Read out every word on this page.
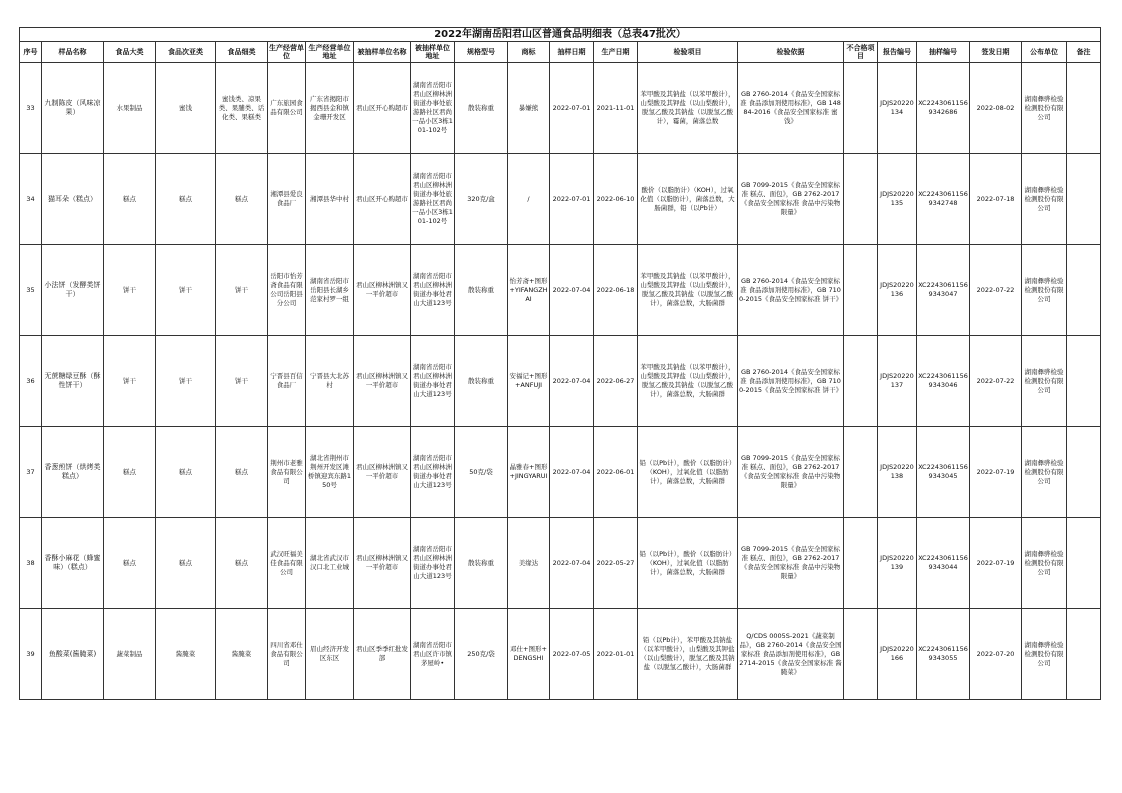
2022年湖南岳阳君山区普通食品明细表（总表47批次）																				
序号	样品名称	食品大类	食品次亚类	食品细类	生产经营单位	生产经营单位地址	被抽样单位名称	被抽样单位地址	规格型号	商标	抽样日期	生产日期	检验项目	检验依据	不合格项目	报告编号	抽样编号	签发日期	公布单位	备注
33	九制陈皮（风味凉果）	水果制品	蜜饯	蜜饯类、凉果类、果脯类、话化类、果糕类	广东旅园食品有限公司	广东省揭阳市揭西县金和镇金珊开发区	君山区开心购超市	湖南省岳阳市君山区柳林洲街道办事处旅游路社区君尚一品小区3栋101-102号	散装称重	暴嫌熊	2022-07-01	2021-11-01	苯甲酸及其钠盐（以苯甲酸计），山梨酸及其钾盐（以山梨酸计），脱氢乙酸及其钠盐（以脱氢乙酸计），霉菌，菌落总数	GB 2760-2014《食品安全国家标准 食品添加剂使用标准》，GB 14884-2016《食品安全国家标准 蜜饯》		JDJS20220134	XC22430611569342686	2022-08-02	湖南彝骅检验检测股份有限公司	
34	猫耳朵（糕点）	糕点	糕点	糕点	湘潭县爱良食品厂	湘潭县华中村	君山区开心购超市	湖南省岳阳市君山区柳林洲街道办事处旅游路社区君尚一品小区3栋101-102号	320克/盒	/	2022-07-01	2022-06-10	酸价（以脂肪计）（KOH），过氧化值（以脂肪计），菌落总数，大肠菌群，铅（以Pb计）	GB 7099-2015《食品安全国家标准 糕点、面包》，GB 2762-2017《食品安全国家标准 食品中污染物限量》		JDJS20220135	XC22430611569342748	2022-07-18	湖南彝骅检验检测股份有限公司	
35	小法饼（发酵类饼干）	饼干	饼干	饼干	岳阳市怡芳斋食品有限公司岳阳县分公司	湖南省岳阳市岳阳县长湖乡范家村罗一组	君山区柳林洲镇又一平价超市	湖南省岳阳市君山区柳林洲街道办事处君山大道123号	散装称重	怡芳斋+图形+YIFANGZHAI	2022-07-04	2022-06-18	苯甲酸及其钠盐（以苯甲酸计），山梨酸及其钾盐（以山梨酸计），脱氢乙酸及其钠盐（以脱氢乙酸计），菌落总数，大肠菌群	GB 2760-2014《食品安全国家标准 食品添加剂使用标准》，GB 7100-2015《食品安全国家标准 饼干》		JDJS20220136	XC22430611569343047	2022-07-22	湖南彝骅检验检测股份有限公司	
36	无蔗糖绿豆酥（酥性饼干）	饼干	饼干	饼干	宁晋县百信食品厂	宁晋县大北苏村	君山区柳林洲镇又一平价超市	湖南省岳阳市君山区柳林洲街道办事处君山大道123号	散装称重	安福记+图形+ANFUJI	2022-07-04	2022-06-27	苯甲酸及其钠盐（以苯甲酸计），山梨酸及其钾盐（以山梨酸计），脱氢乙酸及其钠盐（以脱氢乙酸计），菌落总数，大肠菌群	GB 2760-2014《食品安全国家标准 食品添加剂使用标准》，GB 7100-2015《食品安全国家标准 饼干》		JDJS20220137	XC22430611569343046	2022-07-22	湖南彝骅检验检测股份有限公司	
37	香葱煎饼（烘烤类糕点）	糕点	糕点	糕点	荆州市老雅食品有限公司	湖北省荆州市荆州开发区滩桥镇迎宾东路150号	君山区柳林洲镇又一平价超市	湖南省岳阳市君山区柳林洲街道办事处君山大道123号	50克/袋	晶雅春+图形+JINGYARUI	2022-07-04	2022-06-01	铅（以Pb计），酸价（以脂肪计）（KOH），过氧化值（以脂肪计），菌落总数，大肠菌群	GB 7099-2015《食品安全国家标准 糕点、面包》，GB 2762-2017《食品安全国家标准 食品中污染物限量》		JDJS20220138	XC22430611569343045	2022-07-19	湖南彝骅检验检测股份有限公司	
38	香酥小麻花（蜂蜜味）（糕点）	糕点	糕点	糕点	武汉旺福美佳食品有限公司	湖北省武汉市汉口北工业城	君山区柳林洲镇又一平价超市	湖南省岳阳市君山区柳林洲街道办事处君山大道123号	散装称重	美缘达	2022-07-04	2022-05-27	铅（以Pb计），酸价（以脂肪计）（KOH），过氧化值（以脂肪计），菌落总数，大肠菌群	GB 7099-2015《食品安全国家标准 糕点、面包》，GB 2762-2017《食品安全国家标准 食品中污染物限量》		JDJS20220139	XC22430611569343044	2022-07-19	湖南彝骅检验检测股份有限公司	
39	鱼酸菜(酱腌菜)	蔬菜制品	酱腌菜	酱腌菜	四川省邓仕食品有限公司	眉山经济开发区东区	君山区季季红批发部	湖南省岳阳市君山区许市镇茅屋岭•	250克/袋	邓仕+图形+DENGSHI	2022-07-05	2022-01-01	铅（以Pb计），苯甲酸及其钠盐（以苯甲酸计），山梨酸及其钾盐（以山梨酸计），脱氢乙酸及其钠盐（以脱氢乙酸计），大肠菌群	Q/CDS 0005S-2021《蔬菜制品》，GB 2760-2014《食品安全国家标准 食品添加剂使用标准》，GB 2714-2015《食品安全国家标准 酱腌菜》		JDJS20220166	XC22430611569343055	2022-07-20	湖南彝骅检验检测股份有限公司	
